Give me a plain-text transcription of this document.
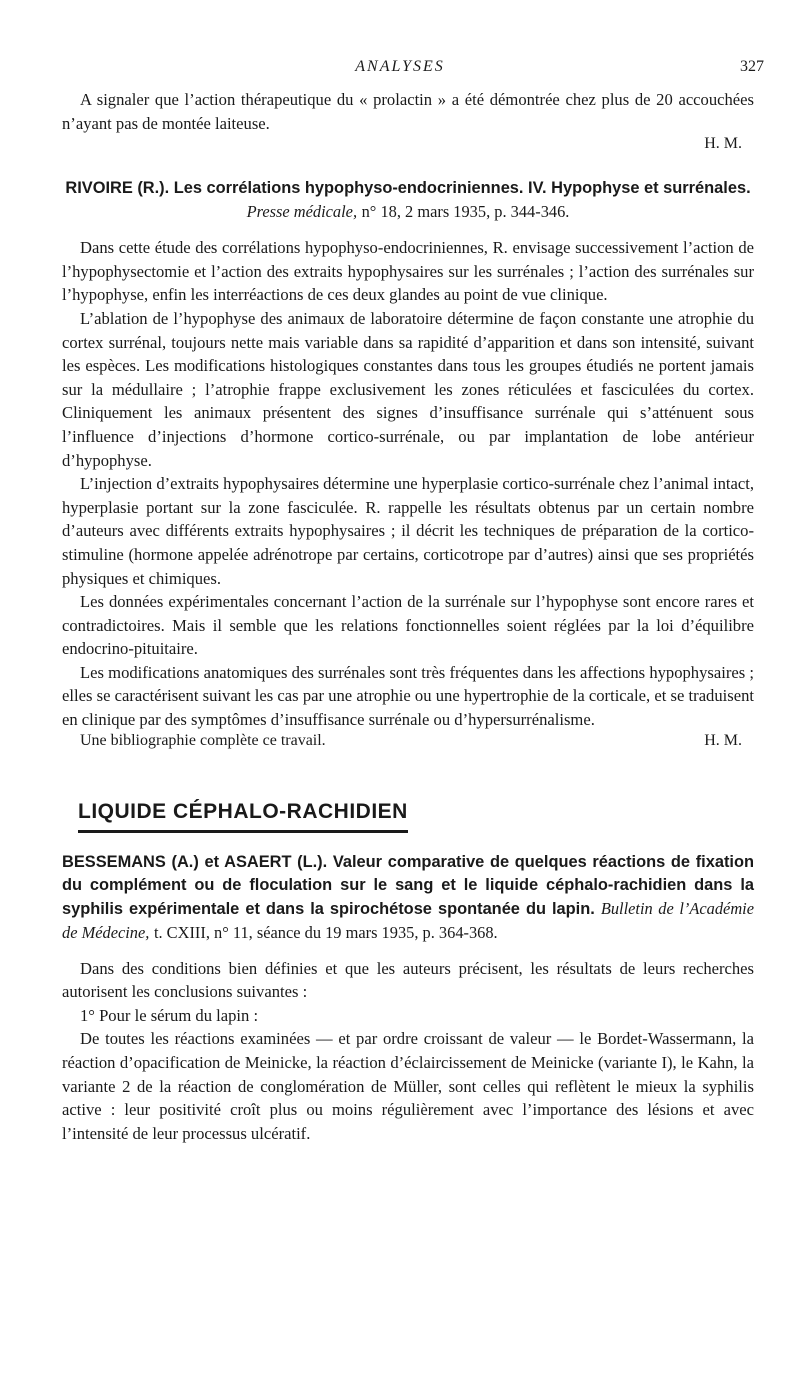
ANALYSES	327

A signaler que l’action thérapeutique du « prolactin » a été démontrée chez plus de 20 accouchées n’ayant pas de montée laiteuse.

H. M.
RIVOIRE (R.). Les corrélations hypophyso-endocriniennes. IV. Hypophyse et surrénales. Presse médicale, n° 18, 2 mars 1935, p. 344-346.

Dans cette étude des corrélations hypophyso-endocriniennes, R. envisage successivement l’action de l’hypophysectomie et l’action des extraits hypophysaires sur les surrénales ; l’action des surrénales sur l’hypophyse, enfin les interréactions de ces deux glandes au point de vue clinique.

L’ablation de l’hypophyse des animaux de laboratoire détermine de façon constante une atrophie du cortex surrénal, toujours nette mais variable dans sa rapidité d’apparition et dans son intensité, suivant les espèces. Les modifications histologiques constantes dans tous les groupes étudiés ne portent jamais sur la médullaire ; l’atrophie frappe exclusivement les zones réticulées et fasciculées du cortex. Cliniquement les animaux présentent des signes d’insuffisance surrénale qui s’atténuent sous l’influence d’injections d’hormone cortico-surrénale, ou par implantation de lobe antérieur d’hypophyse.

L’injection d’extraits hypophysaires détermine une hyperplasie cortico-surrénale chez l’animal intact, hyperplasie portant sur la zone fasciculée. R. rappelle les résultats obtenus par un certain nombre d’auteurs avec différents extraits hypophysaires ; il décrit les techniques de préparation de la cortico-stimuline (hormone appelée adrénotrope par certains, corticotrope par d’autres) ainsi que ses propriétés physiques et chimiques.

Les données expérimentales concernant l’action de la surrénale sur l’hypophyse sont encore rares et contradictoires. Mais il semble que les relations fonctionnelles soient réglées par la loi d’équilibre endocrino-pituitaire.

Les modifications anatomiques des surrénales sont très fréquentes dans les affections hypophysaires ; elles se caractérisent suivant les cas par une atrophie ou une hypertrophie de la corticale, et se traduisent en clinique par des symptômes d’insuffisance surrénale ou d’hypersurrénalisme.

Une bibliographie complète ce travail.	H. M.
LIQUIDE CÉPHALO-RACHIDIEN
BESSEMANS (A.) et ASAERT (L.). Valeur comparative de quelques réactions de fixation du complément ou de floculation sur le sang et le liquide céphalo-rachidien dans la syphilis expérimentale et dans la spirochétose spontanée du lapin. Bulletin de l’Académie de Médecine, t. CXIII, n° 11, séance du 19 mars 1935, p. 364-368.

Dans des conditions bien définies et que les auteurs précisent, les résultats de leurs recherches autorisent les conclusions suivantes :

1° Pour le sérum du lapin :

De toutes les réactions examinées — et par ordre croissant de valeur — le Bordet-Wassermann, la réaction d’opacification de Meinicke, la réaction d’éclaircissement de Meinicke (variante I), le Kahn, la variante 2 de la réaction de conglomération de Müller, sont celles qui reflètent le mieux la syphilis active : leur positivité croît plus ou moins régulièrement avec l’importance des lésions et avec l’intensité de leur processus ulcératif.
